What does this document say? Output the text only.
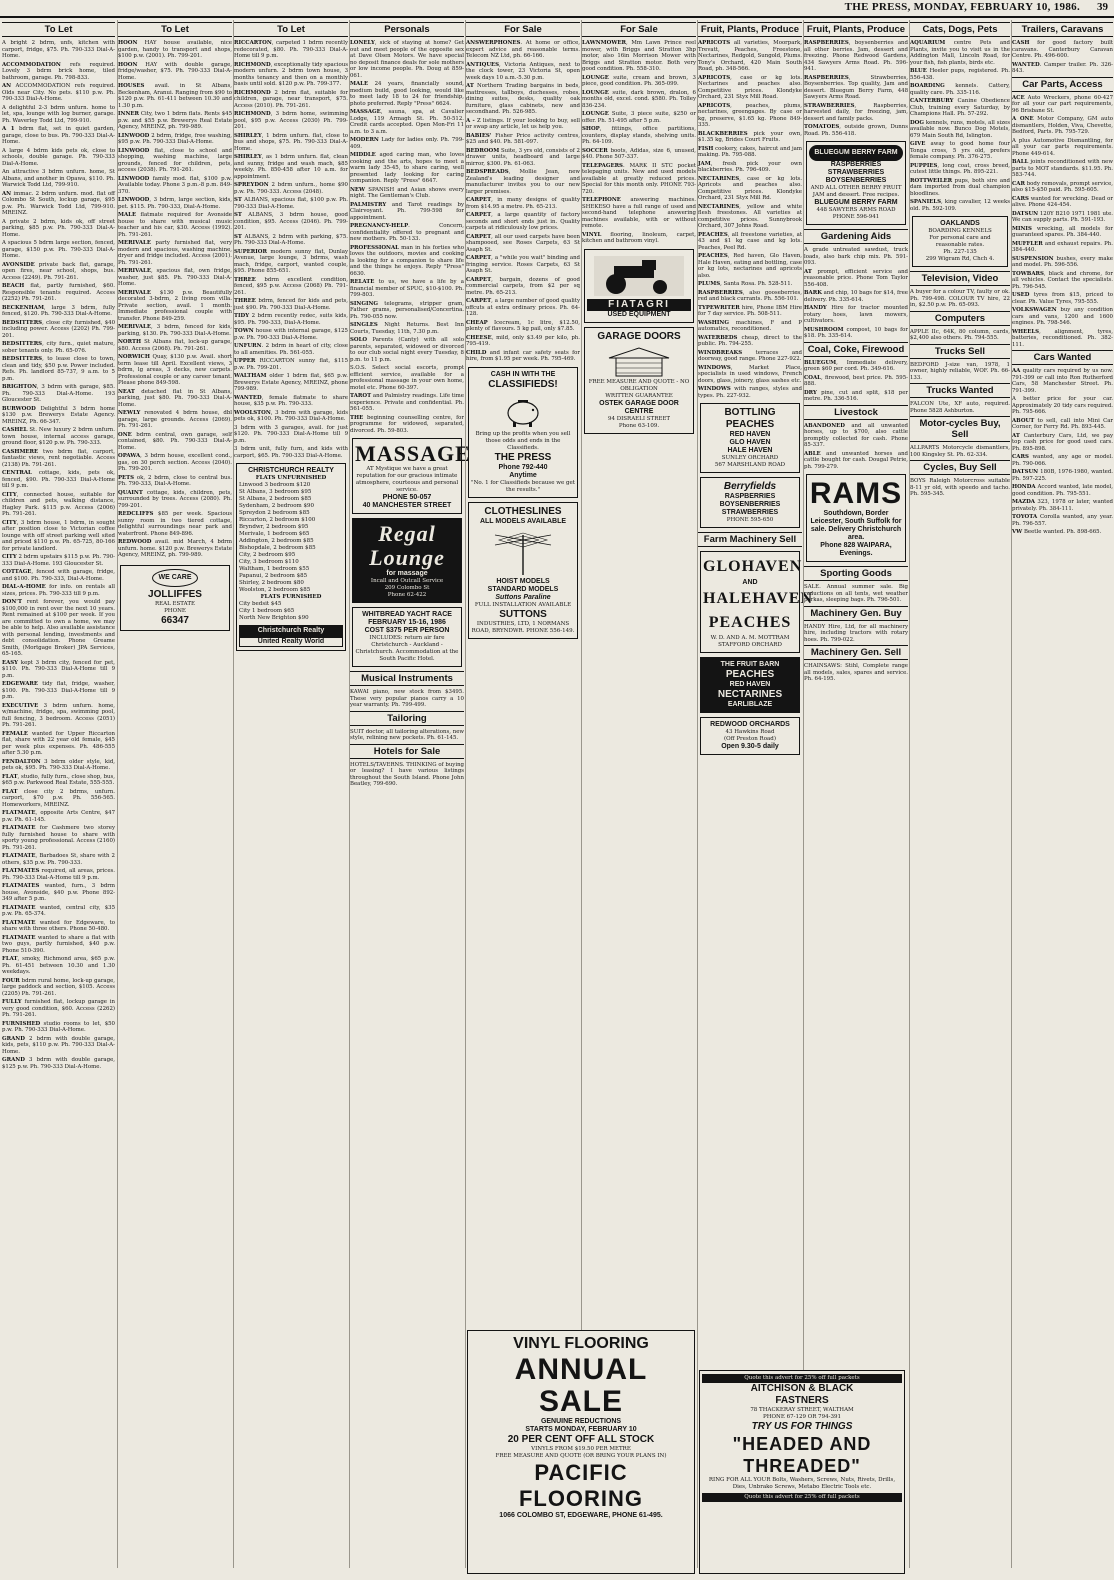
THE PRESS, MONDAY, FEBRUARY 10, 1986. 39
To Let
A bright 2 bdrm, unfs, kitchen with carport, fridge, $75. Ph. 790-333 Dial-A-Home.
ACCOMMODATION refs required. Lovely 3 bdrm brick home, tiled bathroom, garage. Ph. 798-833.
AN ACCOMMODATION refs required. Olds near City. No pets. $110 p.w. Ph. 790-333 Dial-A-Home.
A delightful 2-3 bdrm unfurn. home to let, spa, lounge with log burner, garage. Ph. Waverley Todd Ltd, 799-910.
A 1 bdrm flat, set in quiet garden, garage, close to bus. Ph. 790-333 Dial-A-Home.
A large 4 bdrm kids pets ok, close to schools, double garage. Ph. 790-333 Dial-A-Home.
An attractive 3 bdrm unfurn. home, St Albans, and another in Opawa, $110. Ph. Warwick Todd Ltd, 799-910.
AN immac. 2 bdrm unfurn. mod. flat off Colombo St South, lockup garage, $95 p.w. Ph. Warwick Todd Ltd, 799-910. MREINZ.
A private 2 bdrm, kids ok, off street parking, $85 p.w. Ph. 790-333 Dial-A-Home.
A spacious 5 bdrm large section, fenced, garage, $150 p.w. Ph. 790-333 Dial-A-Home.
AVONSIDE private back flat, garage, open fires, near school, shops, bus. Access (2249). Ph. 791-261.
BEACH flat, partly furnished, $60. Responsible tenants required. Access (2252) Ph. 791-261.
BECKENHAM, large 3 bdrm, fully fenced, $120. Ph. 790-333 Dial-A-Home.
BEDSITTERS, close city furnished, $40 including power. Access (2202) Ph. 799-201.
BEDSITTERS, city furn., quiet mature, sober tenants only. Ph. 65-076.
BEDSITTERS, to lease close to town, clean and tidy, $50 p.w. Power included. Refs. Ph. landlord 85-737, 9 a.m. to 5 p.m.
BRIGHTON, 3 bdrm with garage, $85. Ph. 790-333 Dial-A-Home. 193 Gloucester St.
BURWOOD Delightful 3 bdrm home $130 p.w. Brewerys Estate Agency. MREINZ, Ph. 66-347.
CASHEL St. New luxury 2 bdrm unfurn. town house, internal access garage, ground floor, $120 p.w. Ph. 790-333.
CASHMERE two bdrm flat, carport, fantastic views, rent negotiable. Access (2138) Ph. 791-261.
CENTRAL cottage, kids, pets ok, fenced, $90. Ph. 790-333 Dial-A-Home till 9 p.m.
CITY, connected house, suitable for children and pets, walking distance, Hagley Park. $115 p.w. Access (2006) Ph. 791-261.
CITY, 3 bdrm house, 1 bdrm, in sought after position close to Victorian coffee lounge with off street parking well sited and priced $110 p.w. Ph. 65-725, 80-166 for private landlord.
CITY 2 bdrm upstairs $115 p.w. Ph. 790-333 Dial-A-Home. 193 Gloucester St.
COTTAGE, fenced with garage, fridge, and $100. Ph. 790-333, Dial-A-Home.
DIAL-A-HOME for info. on rentals all sizes, prices. Ph. 790-333 till 9 p.m.
DON'T rent forever, you would pay $100,000 in rent over the next 10 years. Rent remained at $100 per week. If you are committed to own a home, we may be able to help. Also available assistance with personal lending, investments and debt consolidation. Phone Greame Smith, (Mortgage Broker) JPA Services, 65-165.
EASY kept 3 bdrm city, fenced for pet, $110. Ph. 790-333 Dial-A-Home till 9 p.m.
EDGEWARE tidy flat, fridge, washer, $100. Ph. 790-333 Dial-A-Home till 9 p.m.
EXECUTIVE 3 bdrm unfurn. home, w/machine, fridge, spa, swimming pool, full fencing, 3 bedroom. Access (2051) Ph. 791-261.
FEMALE wanted for Upper Riccarton flat, share with 22 year old female, $45 per week plus expenses. Ph. 486-555 after 5.30 p.m.
FENDALTON 3 bdrm older style, kid, pets ok, $95. Ph. 790-333 Dial-A-Home.
FLAT, studio, fully furn., close shop, bus, $65 p.w. Parkwood Real Estate, 555-555.
FLAT close city 2 bdrms, unfurn. carport, $70 p.w. Ph. 556-565. Homeworkers, MREINZ.
FLATMATE, opposite Arts Centre, $47 p.w. Ph. 61-145.
FLATMATE for Cashmere two storey fully furnished house to share with sporty young professional. Access (2160) Ph. 791-261.
FLATMATE, Barbadoes St, share with 2 others, $35 p.w. Ph. 790-333.
FLATMATES required, all areas, prices. Ph. 790-333 Dial-A-Home till 9 p.m.
FLATMATES wanted, furn., 3 bdrm house, Avonside, $40 p.w. Phone 892-349 after 5 p.m.
FLATMATE wanted, central city, $35 p.w. Ph. 65-374.
FLATMATE wanted for Edgeware, to share with three others. Phone 50-480.
FLATMATE wanted to share a flat with two guys, partly furnished, $40 p.w. Phone 510-390.
FLAT, smoky, Richmond area, $65 p.w. Ph. 61-451 between 10.30 and 1.30 weekdays.
FOUR bdrm rural home, lock-up garage, large paddock and section, $105. Access (2205) Ph. 791-261.
FULLY furnished flat, lockup garage in very good condition, $60. Access (2262) Ph. 791-261.
FURNISHED studio rooms to let, $50 p.w. Ph. 790-333 Dial-A-Home.
GRAND 2 bdrm with double garage, kids, pets, $110 p.w. Ph. 790-333 Dial-A-Home.
GRAND 3 bdrm with double garage, $125 p.w. Ph. 790-333 Dial-A-Home.
To Let
HOON HAY house available, nice garden, handy to transport and shops, $100 p.w. (2001). Ph. 799-201.
HOON HAY with double garage, fridge/washer, $75. Ph. 790-333 Dial-A-Home.
HOUSES avail. in St Albans, Beckenham, Aranui. Ranging from $90 to $120 p.w. Ph. 61-411 between 10.30 and 1.30 p.m.
INNER City, two 1 bdrm flats. Rents $45 p.w. and $55 p.w. Brewerys Real Estate Agency, MREINZ, ph. 799-989.
LINWOOD 2 bdrm, fridge, free washing, $95 p.w. Ph. 790-333 Dial-A-Home.
LINWOOD flat, close to school and shopping, washing machine, large grounds, fenced for children, pets, access (2038). Ph. 791-261.
LINWOOD family mod. flat, $100 p.w. Available today. Phone 3 p.m.-8 p.m. 849-370.
LINWOOD, 3 bdrm, large section, kids, pet. $115. Ph. 790-333, Dial-A-Home.
MALE flatmate required for Avonside house to share with musical music teacher and his car, $30. Access (1992). Ph. 791-261.
MERIVALE party furnished flat, very modern and spacious, washing machine, dryer and fridge included. Access (2001). Ph. 791-261.
MERIVALE, spacious flat, own fridge, washer, just $85. Ph. 790-333 Dial-A-Home.
MERIVALE $130 p.w. Beautifully decorated 3-bdrm, 2 living room villa. Private section, avail. 1 month. Immediate professional couple with transfer. Phone 849-259.
MERIVALE, 3 bdrm, fenced for kids, parking, $130. Ph. 790-333 Dial-A-Home.
NORTH St Albans flat, lock-up garage, $80. Access (2068). Ph. 791-261.
NORWICH Quay, $130 p.w. Avail. short term lease till April. Excellent views, 3 bdrm, lg areas, 3 decks, new carpets. Professional couple or any career tenant. Please phone 849-598.
NEAT detached flat in St Albans, parking, just $80. Ph. 790-333 Dial-A-Home.
NEWLY renovated 4 bdrm house, dbl garage, large grounds. Access (2069). Ph. 791-261.
ONE bdrm central, own garage, self contained, $80. Ph. 790-333 Dial-A-Home.
OPAWA, 3 bdrm house, excellent cond., gas, on 30 perch section. Access (2040). Ph. 799-201.
PETS ok, 2 bdrm, close to central bus. Ph. 790-333, Dial-A-Home.
QUAINT cottage, kids, children, pets, surrounded by trees. Access (2080). Ph. 799-201.
REDCLIFFS $85 per week. Spacious sunny room in two tiered cottage, delightful surroundings near park and waterfront. Phone 849-896.
REDWOOD avail. mid March, 4 bdrm unfurn. home. $120 p.w. Brewerys Estate Agency, MREINZ, ph. 799-989.
WE CARE
JOLLIFFES
REAL ESTATE
PHONE
66347
To Let
RICCARTON, carpeted 1 bdrm recently redecorated, $80. Ph. 790-333 Dial-A-Home till 9 p.m.
RICHMOND, exceptionally tidy spacious modern unfurn. 2 bdrm town house, 3 months tenancy and then on a monthly basis until sold. $120 p.w. Ph. 799-377.
RICHMOND 2 bdrm flat, suitable for children, garage, near transport, $75. Access (2010). Ph. 791-261.
RICHMOND, 3 bdrm home, swimming pool, $95 p.w. Access (2030) Ph. 799-201.
SHIRLEY, 1 bdrm unfurn. flat, close to bus and shops, $75. Ph. 790-333 Dial-A-Home.
SHIRLEY, as 1 bdrm unfurn. flat, clean and sunny, fridge and wash mach, $85 weekly. Ph. 850-458 after 10 a.m. for appointment.
SPREYDON 2 bdrm unfurn., home $90 p.w. Ph. 790-333. Access (2048).
ST ALBANS, spacious flat, $100 p.w. Ph. 790-333 Dial-A-Home.
ST ALBANS, 3 bdrm house, good condition, $95. Access (2046). Ph. 799-201.
ST ALBANS, 2 bdrm with parking, $75. Ph. 790-333 Dial-A-Home.
SUPERIOR modern sunny flat, Dunlay Avenue, large lounge, 3 bdrms, wash mach, fridge, carport, wanted couple, $95. Phone 855-651.
THREE bdrm excellent condition, fenced, $95 p.w. Access (2068) Ph. 791-261.
THREE bdrm, fenced for kids and pets, just $90. Ph. 790-333 Dial-A-Home.
TIDY 2 bdrm recently redec, suits kids, $95. Ph. 790-333, Dial-A-Home.
TOWN house with internal garage, $125 p.w. Ph. 790-333 Dial-A-Home.
UNFURN. 2 bdrm in heart of city, close to all amenities. Ph. 561-055.
UPPER RICCARTON sunny flat, $115 p.w. Ph. 799-201.
WALTHAM older 1 bdrm flat, $65 p.w. Brewerys Estate Agency, MREINZ, phone 799-989.
WANTED, female flatmate to share house, $35 p.w. Ph. 790-333.
WOOLSTON, 3 bdrm with garage, kids pets ok, $100. Ph. 790-333 Dial-A-Home.
3 bdrm with 3 garages, avail. for just $120. Ph. 790-333 Dial-A-Home till 9 p.m.
3 bdrm unit, fully furn, and kids with carport, $65. Ph. 790-333 Dial-A-Home.
CHRISTCHURCH REALTY
FLATS UNFURNISHED
Linwood 3 bedroom $120
St Albans, 3 bedroom $95
St Albans, 2 bedroom $85
Sydenham, 2 bedroom $90
Spreydon 2 bedroom $85
Riccarton, 2 bedroom $100
Bryndwr, 2 bedroom $95
Merivale, 1 bedroom $65
Addington, 2 bedroom $85
Bishopdale, 2 bedroom $85
City, 2 bedroom $95
City, 3 bedroom $110
Waltham, 1 bedroom $55
Papanui, 2 bedroom $85
Shirley, 2 bedroom $80
Woolston, 2 bedroom $85
FLATS FURNISHED
City bedsit $45
City 1 bedroom $65
North New Brighton $90
Christchurch Realty
United Realty World
Personals
LONELY, sick of staying at home? Get out and meet people of the opposite sex at Dave Olsen Motors. We have special no deposit finance deals for sole mothers or low income people. Ph. Doug at 859-061.
MALE 24 years, financially sound, medium build, good looking, would like to meet lady 18 to 24 for friendship, photo preferred. Reply "Press" 6624.
MASSAGE, sauna, spa, at Cavalier Lodge, 119 Armagh St. Ph. 50-512. Credit cards accepted. Open Mon-Fri 11 a.m. to 3 a.m.
MODERN Lady for ladies only. Ph. 799-409.
MIDDLE aged caring man, who loves cooking and the arts, hopes to meet a warm lady 35-45, to share caring, well presented lady looking for caring companion. Reply "Press" 6647.
NEW SPANISH and Asian shows every night. The Gentleman's Club.
PALMISTRY and Tarot readings by Clairvoyant. Ph. 799-598 for appointment.
PREGNANCY-HELP. Concern, confidentiality offered to pregnant and new mothers. Ph. 50-133.
PROFESSIONAL man in his forties who loves the outdoors, movies and cooking is looking for a companion to share life and the things he enjoys. Reply "Press" 6630.
RELATE to us, we have a life by a financial member of SPUC, $10-$100. Ph. 799-803.
SINGING telegrams, stripper gram, Father grams, personalised/Concertina. Ph. 790-055 now.
SINGLES Night Returns. Best Inn Courts, Tuesday, 11th, 7.30 p.m.
SOLO Parents (Canty) with all solo parents, separated, widowed or divorced to our club social night every Tuesday, 8 p.m. to 11 p.m.
S.O.S. Select social escorts, prompt efficient service, available for a professional massage in your own home, motel etc. Phone 60-397.
TAROT and Palmistry readings. Life time experience. Private and confidential. Ph. 561-055.
THE beginning counselling centre, for programme for widowed, separated, divorced. Ph. 59-803.
MASSAGE
AT Mystique we have a great reputation for our gracious intimate atmosphere, courteous and personal service.
PHONE 50-057
40 MANCHESTER STREET
Regal
Lounge
for massage
Incall and Outcall Service
209 Colombo St
Phone 62-422
WHITBREAD YACHT RACE
FEBRUARY 15-16, 1986
COST $375 PER PERSON
INCLUDES: return air fare Christchurch - Auckland - Christchurch. Accommodation at the South Pacific Hotel.
Musical Instruments
KAWAI piano, new stock from $3495. These very popular pianos carry a 10 year warranty. Ph. 799-499.
Tailoring
SUIT doctor, all tailoring alterations, new style, relining new pockets. Ph. 61-145.
Hotels for Sale
HOTELS/TAVERNS. THINKING of buying or leasing? I have various listings throughout the South Island. Phone John Beatley, 799-690.
For Sale
ANSWERPHONES. At home or office, expert advice and reasonable terms. Telecom NZ Ltd, ph. 66-166.
ANTIQUES, Victoria Antiques, next to the clock tower, 23 Victoria St, open week days 10 a.m.-5.30 p.m.
AT Northern Trading bargains in beds, mattresses, tallboys, duchesses, robes, dining suites, desks, quality oak furniture, glass cabinets, new and secondhand. Ph. 526-985.
A - Z listings. If your looking to buy, sell or swap any article, let us help you.
BABIES' Fisher Price activity centres, $25 and $40. Ph. 581-097.
BEDROOM Suite, 3 yrs old, consists of 2 drawer units, headboard and large mirror, $300. Ph. 61-063.
BEDSPREADS, Mollie Jean, new Zealand's leading designer and manufacturer invites you to our new larger premises.
CARPET, in many designs of quality from $14.95 a metre. Ph. 65-213.
CARPET, a large quantity of factory seconds and short ends just in. Quality carpets at ridiculously low prices.
CARPET, all our used carpets have been shampooed, see Roses Carpets, 63 St Asaph St.
CARPET, a "while you wait" binding and fringing service. Roses Carpets, 63 St Asaph St.
CARPET, bargain, dozens of good commercial carpets, from $2 per sq metre. Ph. 65-213.
CARPET, a large number of good quality offcuts at extra ordinary prices. Ph. 64-128.
CHEAP Icecream, 1c litre, $12.50, plenty of flavours. 5 kg pail, only $7.85.
CHEESE, mild, only $3.49 per kilo, ph. 795-419.
CHILD and infant car safety seats for hire, from $1.95 per week. Ph. 795-469.
CASH IN WITH THE
CLASSIFIEDS!
Bring up the profits when you sell those odds and ends in the Classifieds.
THE PRESS
Phone 792-440
Anytime
"No. 1 for Classifieds because we get the results."
CLOTHESLINES
ALL MODELS AVAILABLE
HOIST MODELS
STANDARD MODELS
Suttons Paraline
FULL INSTALLATION AVAILABLE
SUTTONS
INDUSTRIES, LTD, 1 NORMANS ROAD, BRYNDWR. PHONE 556-149.
For Sale
LAWNMOWER, Mm Lawn Prince reel mower, with Briggs and Stratton 3hp motor, also 16in Morrison Mower with Briggs and Stratton motor. Both very good condition. Ph. 558-310.
LOUNGE suite, cream and brown, 3 piece, good condition. Ph. 365-099.
LOUNGE suite, dark brown, dralon, 6 months old, excel. cond. $580. Ph. Tolley 836-234.
LOUNGE Suite, 3 piece suite, $250 or offer. Ph. 51-495 after 5 p.m.
SHOP, fittings, office partitions, counters, display stands, shelving units. Ph. 64-109.
SOCCER boots, Adidas, size 6, unused, $40. Phone 507-337.
TELEPAGERS. MARK II STC pocket telepaging units. New and used models available at greatly reduced prices. Special for this month only. PHONE 793-720.
TELEPHONE answering machines. SHEKESO have a full range of used and second-hand telephone answering machines available, with or without remote.
VINYL flooring, linoleum, carpet, kitchen and bathroom vinyl.
FIATAGRI
USED EQUIPMENT
GARAGE DOORS
FREE MEASURE AND QUOTE - NO OBLIGATION
WRITTEN GUARANTEE
OSTEK GARAGE DOOR CENTRE
94 DISRAELI STREET
Phone 63-109.
Fruit, Plants, Produce
APRICOTS all varieties, Moorpark, Trevatt, Peaches, Freestone, Nectarines, Redgold, Sungold, Plums. Tony's Orchard, 420 Main South Road, ph. 348-566.
APRICOTS, case or kg lots. Nectarines and peaches also. Competitive prices. Klondyke Orchard, 231 Styx Mill Road.
APRICOTS, peaches, plums, nectarines, greengages. By case or kg, preserve, $1.65 kg. Phone 849-335.
BLACKBERRIES pick your own, $1.35 kg, Brides Court Fruits.
FISH cookery, cakes, haircut and jam making. Ph. 795-088.
JAM, fresh pick your own blackberries. Ph. 796-409.
NECTARINES, case or kg lots. Apricots and peaches also. Competitive prices. Klondyke Orchard, 231 Styx Mill Rd.
NECTARINES, yellow and white flesh freestones. All varieties at competitive prices. Sunnybrook Orchard, 307 Johns Road.
PEACHES, all freestone varieties, at 43 and $1 kg case and kg lots. Peaches, Peel Rd.
PEACHES, Red haven, Glo Haven, Hale Haven, eating and bottling, case or kg lots, nectarines and apricots also.
PLUMS, Santa Rosa. Ph. 528-511.
RASPBERRIES, also gooseberries, red and black currants. Ph. 556-101.
TYPEWRITER hire, Phone IBM Hire for 7 day service. Ph. 508-511.
WASHING machines, F and P automatics, reconditioned.
WATERBEDS cheap, direct to the public. Ph. 794-255.
WINDBREAKS terraces and doorway, good range. Phone 227-922.
WINDOWS, Market Place, specialists in used windows, French doors, glass, joinery, glass sashes etc.
WINDOWS with ranges, styles and types. Ph. 227-932.
BOTTLING
PEACHES
RED HAVEN
GLO HAVEN
HALE HAVEN
SUNLEY ORCHARD
567 MARSHLAND ROAD
Berryfields
RASPBERRIES
BOYSENBERRIES
STRAWBERRIES
PHONE 595-650
Farm Machinery Sell
GLOHAVEN
AND
HALEHAVEN
PEACHES
W. D. AND A. M. MOTTRAM
STAFFORD ORCHARD
THE FRUIT BARN
PEACHES
RED HAVEN
NECTARINES
EARLIBLAZE
REDWOOD ORCHARDS
43 Hawkins Road
(Off Preston Road)
Open 9.30-5 daily
Fruit, Plants, Produce
RASPBERRIES, boysenberries and all other berries. Jam, dessert and freezing. Phone Redwood Gardens, 434 Sawyers Arms Road. Ph. 596-941.
RASPBERRIES, Strawberries, Boysenberries. Top quality, Jam and dessert. Bluegum Berry Farm, 448 Sawyers Arms Road.
STRAWBERRIES, Raspberries, harvested daily, for freezing, jam, dessert and family packs.
TOMATOES, outside grown, Dunns Road. Ph. 556-418.
BLUEGUM BERRY FARM
RASPBERRIES
STRAWBERRIES
BOYSENBERRIES
AND ALL OTHER BERRY FRUIT
JAM and dessert. Free recipes.
BLUEGUM BERRY FARM
448 SAWYERS ARMS ROAD
PHONE 596-941
Gardening Aids
A grade untreated sawdust, truck loads, also bark chip mix. Ph. 591-093.
AT prompt, efficient service and reasonable price. Phone Tom Taylor 556-408.
BARK and chip, 10 bags for $14, free delivery. Ph. 335-614.
HANDY Hire for tractor mounted rotary hoes, lawn mowers, cultivators.
MUSHROOM compost, 10 bags for $18. Ph. 335-614.
Coal, Coke, Firewood
BLUEGUM, Immediate delivery, green $60 per cord. Ph. 349-616.
COAL, firewood, best price. Ph. 595-888.
DRY pine, cut and split, $18 per metre. Ph. 336-516.
Livestock
ABANDONED and all unwanted horses, up to $700, also cattle promptly collected for cash. Phone 85-337.
ABLE and unwanted horses and cattle bought for cash. Dougal Petrie, ph. 799-279.
RAMS
Southdown, Border Leicester, South Suffolk for sale. Delivery Christchurch area.
Phone 828 WAIPARA,
Evenings.
Sporting Goods
SALE. Annual summer sale. Big reductions on all tents, wet weather parkas, sleeping bags. Ph. 796-501.
Machinery Gen. Buy
HANDY Hire, Ltd, for all machinery hire, including tractors with rotary hoes. Ph. 799-022.
Machinery Gen. Sell
CHAINSAWS: Stihl, Complete range all models, sales, spares and service. Ph. 64-195.
Cats, Dogs, Pets
AQUARIUM centre Pets and Plants, invite you to visit us in the Addington Mall, Lincoln Road, for your fish, fish plants, birds etc.
BLUE Heeler pups, registered. Ph. 556-438.
BOARDING kennels. Cattery, quality care. Ph. 335-116.
CANTERBURY Canine Obedience Club, training every Saturday, by Champions Hall. Ph. 57-292.
DOG kennels, runs, motels, all sizes available now. Bunco Dog Motels, 679 Main South Rd, Islington.
GIVE away to good home four Tonga cross, 5 yrs old, prefers female company. Ph. 376-275.
PUPPIES, long coat, cross breed, cutest little things. Ph. 895-221.
ROTTWEILER pups, both sire and dam imported from dual champion bloodlines.
SPANIELS, king cavalier, 12 weeks old. Ph. 592-109.
OAKLANDS
BOARDING KENNELS
For personal care and reasonable rates.
Ph. 227-135
299 Wigram Rd, Chch 4.
Television, Video
A buyer for a colour TV, faulty or ok. Ph. 799-498. COLOUR TV hire, 22 in, $2.50 p.w. Ph. 65-093.
Computers
APPLE IIc, 64K, 80 column, cards, $2,400 also others. Ph. 794-555.
Trucks Sell
BEDFORD J-size van, 1978, 1 owner, highly reliable, WOF. Ph. 66-133.
Trucks Wanted
FALCON Ute, XF auto, required. Phone 5828 Ashburton.
Motor-cycles Buy, Sell
ALLPARTS Motorcycle dismantlers, 100 Kingsley St. Ph. 62-334.
Cycles, Buy Sell
BOYS Raleigh Motorcross suitable 8-11 yr old, with speedo and tacho. Ph. 595-345.
Trailers, Caravans
CASH for good factory built caravans. Canterbury Caravan Centre. Ph. 496-600.
WANTED. Camper trailer. Ph. 326-843.
Car Parts, Access
ACE Auto Wreckers, phone 60-427 for all your car part requirements, 96 Brisbane St.
A ONE Motor Company, GM auto dismantlers, Holden, Viva, Chevette, Bedford, Parts. Ph. 795-729.
A plus Automotive Dismantling, for all your car parts requirements. Phone 449-614.
BALL joints reconditioned with new parts to MOT standards. $11.95. Ph. 583-744.
CAR body removals, prompt service, also $15-$50 paid. Ph. 595-605.
CARS wanted for wrecking. Dead or alive. Phone 424-454.
DATSUN 120Y B210 1971 1981 ute. We can supply parts. Ph. 591-193.
MINIS wrecking, all models for guaranteed spares. Ph. 384-440.
MUFFLER and exhaust repairs. Ph. 384-440.
SUSPENSION bushes, every make and model. Ph. 596-556.
TOWBARS, black and chrome, for all vehicles. Contact the specialists. Ph. 796-545.
USED tyres from $15, priced to clear. Ph. Value Tyres, 795-555.
VOLKSWAGEN buy any condition cars and vans, 1200 and 1600 engines. Ph. 798-546.
WHEELS, alignment, tyres, batteries, reconditioned. Ph. 382-111.
Cars Wanted
AA quality cars required by us now. 791-399 or call into Ron Rutherford Cars, 58 Manchester Street. Ph. 791-399.
A better price for your car. Approximately 20 tidy cars required. Ph. 795-666.
ABOUT to sell, call into Mini Car Corner, for Ferry Rd. Ph. 893-445.
AT Canterbury Cars, Ltd, we pay top cash price for good used cars. Ph. 895-898.
CARS wanted, any age or model. Ph. 790-066.
DATSUN 180B, 1976-1980, wanted. Ph. 597-225.
HONDA Accord wanted, late model, good condition. Ph. 795-551.
MAZDA 323, 1978 or later, wanted privately. Ph. 384-111.
TOYOTA Corolla wanted, any year. Ph. 796-557.
VW Beetle wanted. Ph. 898-665.
VINYL FLOORING
ANNUAL SALE
GENUINE REDUCTIONS
STARTS MONDAY, FEBRUARY 10
20 PER CENT OFF ALL STOCK
VINYLS FROM $19.50 PER METRE
FREE MEASURE AND QUOTE (OR BRING YOUR PLANS IN)
PACIFIC FLOORING
1066 COLOMBO ST, EDGEWARE, PHONE 61-495.
Quote this advert for 25% off full packets
AITCHISON & BLACK
FASTNERS
78 THACKERAY STREET, WALTHAM
PHONE 67-129 OR 794-391
TRY US FOR THINGS
"HEADED AND THREADED"
RING FOR ALL YOUR Bolts, Washers, Screws, Nuts, Rivets, Drills, Dies, Unbrako Screws, Metabo Electric Tools etc.
Quote this advert for 25% off full packets
